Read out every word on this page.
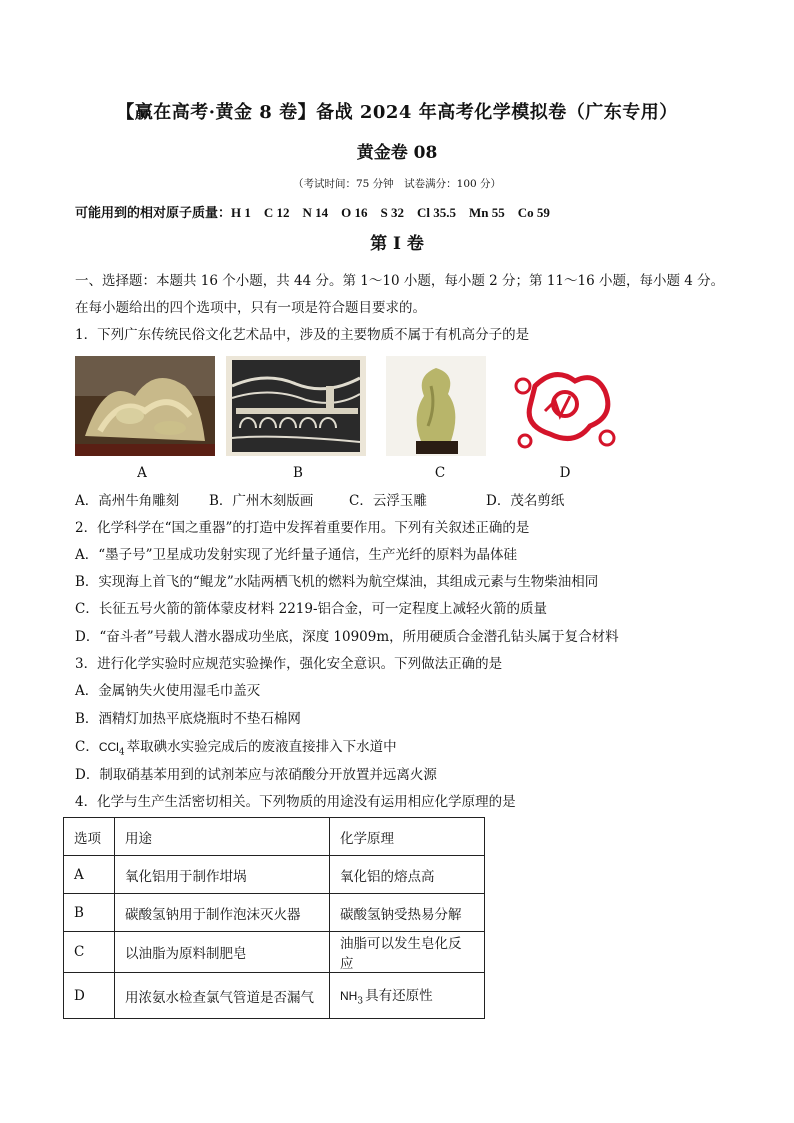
【赢在高考·黄金 8 卷】备战 2024 年高考化学模拟卷（广东专用）
黄金卷 08
（考试时间：75 分钟　试卷满分：100 分）
可能用到的相对原子质量：H 1　C 12　N 14　O 16　S 32　Cl 35.5　Mn 55　Co 59
第 I 卷
一、选择题：本题共 16 个小题，共 44 分。第 1～10 小题，每小题 2 分；第 11～16 小题，每小题 4 分。在每小题给出的四个选项中，只有一项是符合题目要求的。
1．下列广东传统民俗文化艺术品中，涉及的主要物质不属于有机高分子的是
A	B	C	D
A．高州牛角雕刻 B．广州木刻版画	C．云浮玉雕	D．茂名剪纸
2．化学科学在“国之重器”的打造中发挥着重要作用。下列有关叙述正确的是
A．“墨子号”卫星成功发射实现了光纤量子通信，生产光纤的原料为晶体硅
B．实现海上首飞的“鲲龙”水陆两栖飞机的燃料为航空煤油，其组成元素与生物柴油相同
C．长征五号火箭的箭体蒙皮材料 2219-铝合金，可一定程度上减轻火箭的质量
D．“奋斗者”号载人潜水器成功坐底，深度 10909m，所用硬质合金潜孔钻头属于复合材料
3．进行化学实验时应规范实验操作，强化安全意识。下列做法正确的是
A．金属钠失火使用湿毛巾盖灭
B．酒精灯加热平底烧瓶时不垫石棉网
C．CCl$_4$ 萃取碘水实验完成后的废液直接排入下水道中
D．制取硝基苯用到的试剂苯应与浓硝酸分开放置并远离火源
4．化学与生产生活密切相关。下列物质的用途没有运用相应化学原理的是
选项	用途	化学原理
A	氧化铝用于制作坩埚	氧化铝的熔点高
B	碳酸氢钠用于制作泡沫灭火器	碳酸氢钠受热易分解
C	以油脂为原料制肥皂	油脂可以发生皂化反应
D	用浓氨水检查氯气管道是否漏气	$NH_3$ 具有还原性
